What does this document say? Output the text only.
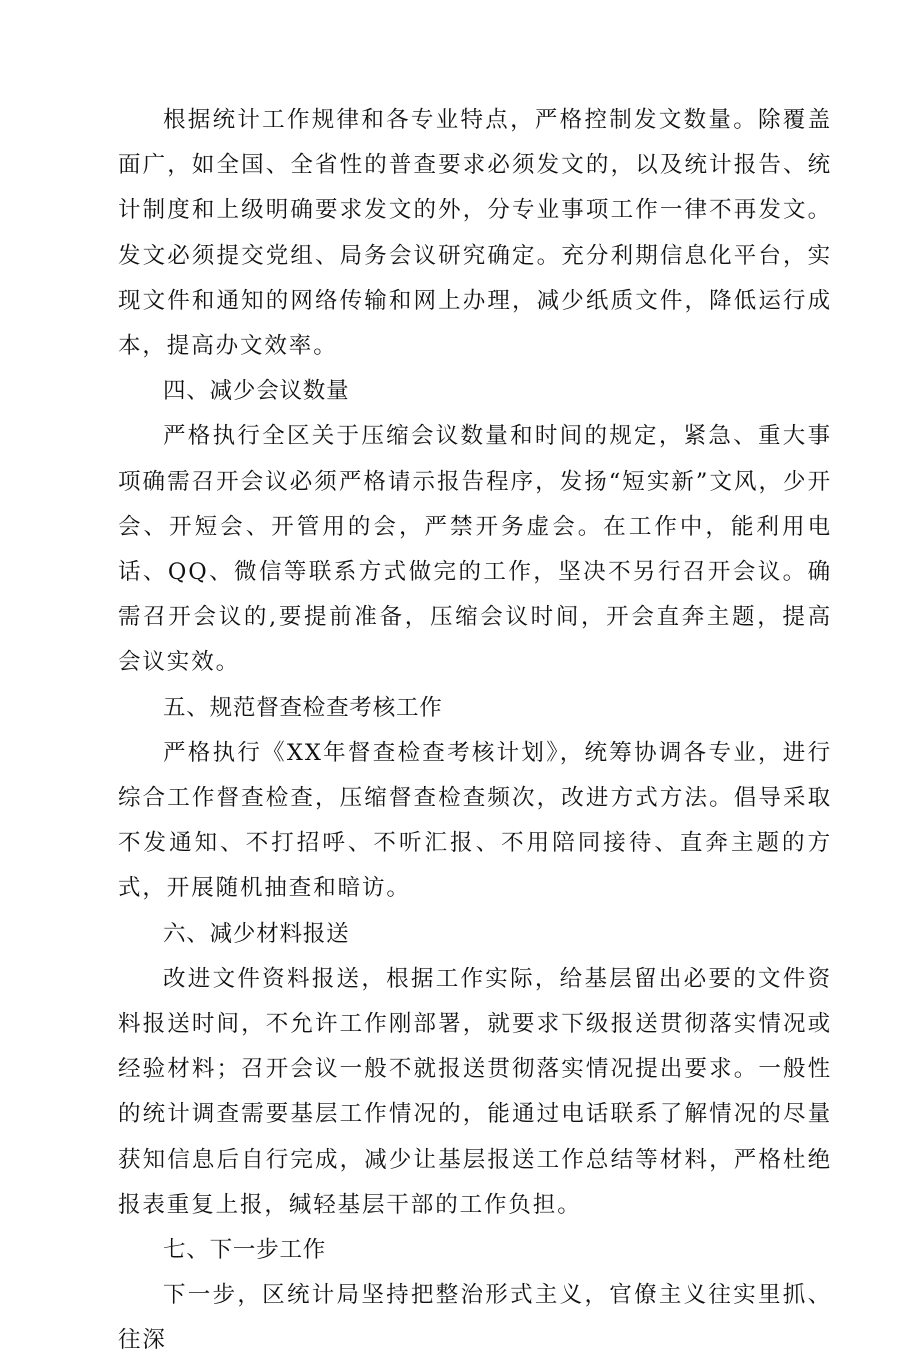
根据统计工作规律和各专业特点，严格控制发文数量。除覆盖面广，如全国、全省性的普查要求必须发文的，以及统计报告、统计制度和上级明确要求发文的外，分专业事项工作一律不再发文。发文必须提交党组、局务会议研究确定。充分利期信息化平台，实现文件和通知的网络传输和网上办理，减少纸质文件，降低运行成本，提高办文效率。

四、减少会议数量

严格执行全区关于压缩会议数量和时间的规定，紧急、重大事项确需召开会议必须严格请示报告程序，发扬“短实新”文风，少开会、开短会、开管用的会，严禁开务虚会。在工作中，能利用电话、QQ、微信等联系方式做完的工作，坚决不另行召开会议。确需召开会议的,要提前准备，压缩会议时间，开会直奔主题，提高会议实效。

五、规范督查检查考核工作

严格执行《XX年督查检查考核计划》，统筹协调各专业，进行综合工作督查检查，压缩督查检查频次，改进方式方法。倡导采取不发通知、不打招呼、不听汇报、不用陪同接待、直奔主题的方式，开展随机抽查和暗访。

六、减少材料报送

改进文件资料报送，根据工作实际，给基层留出必要的文件资料报送时间，不允许工作刚部署，就要求下级报送贯彻落实情况或经验材料；召开会议一般不就报送贯彻落实情况提出要求。一般性的统计调查需要基层工作情况的，能通过电话联系了解情况的尽量获知信息后自行完成，减少让基层报送工作总结等材料，严格杜绝报表重复上报，缄轻基层干部的工作负担。

七、下一步工作

下一步，区统计局坚持把整治形式主义，官僚主义往实里抓、往深
